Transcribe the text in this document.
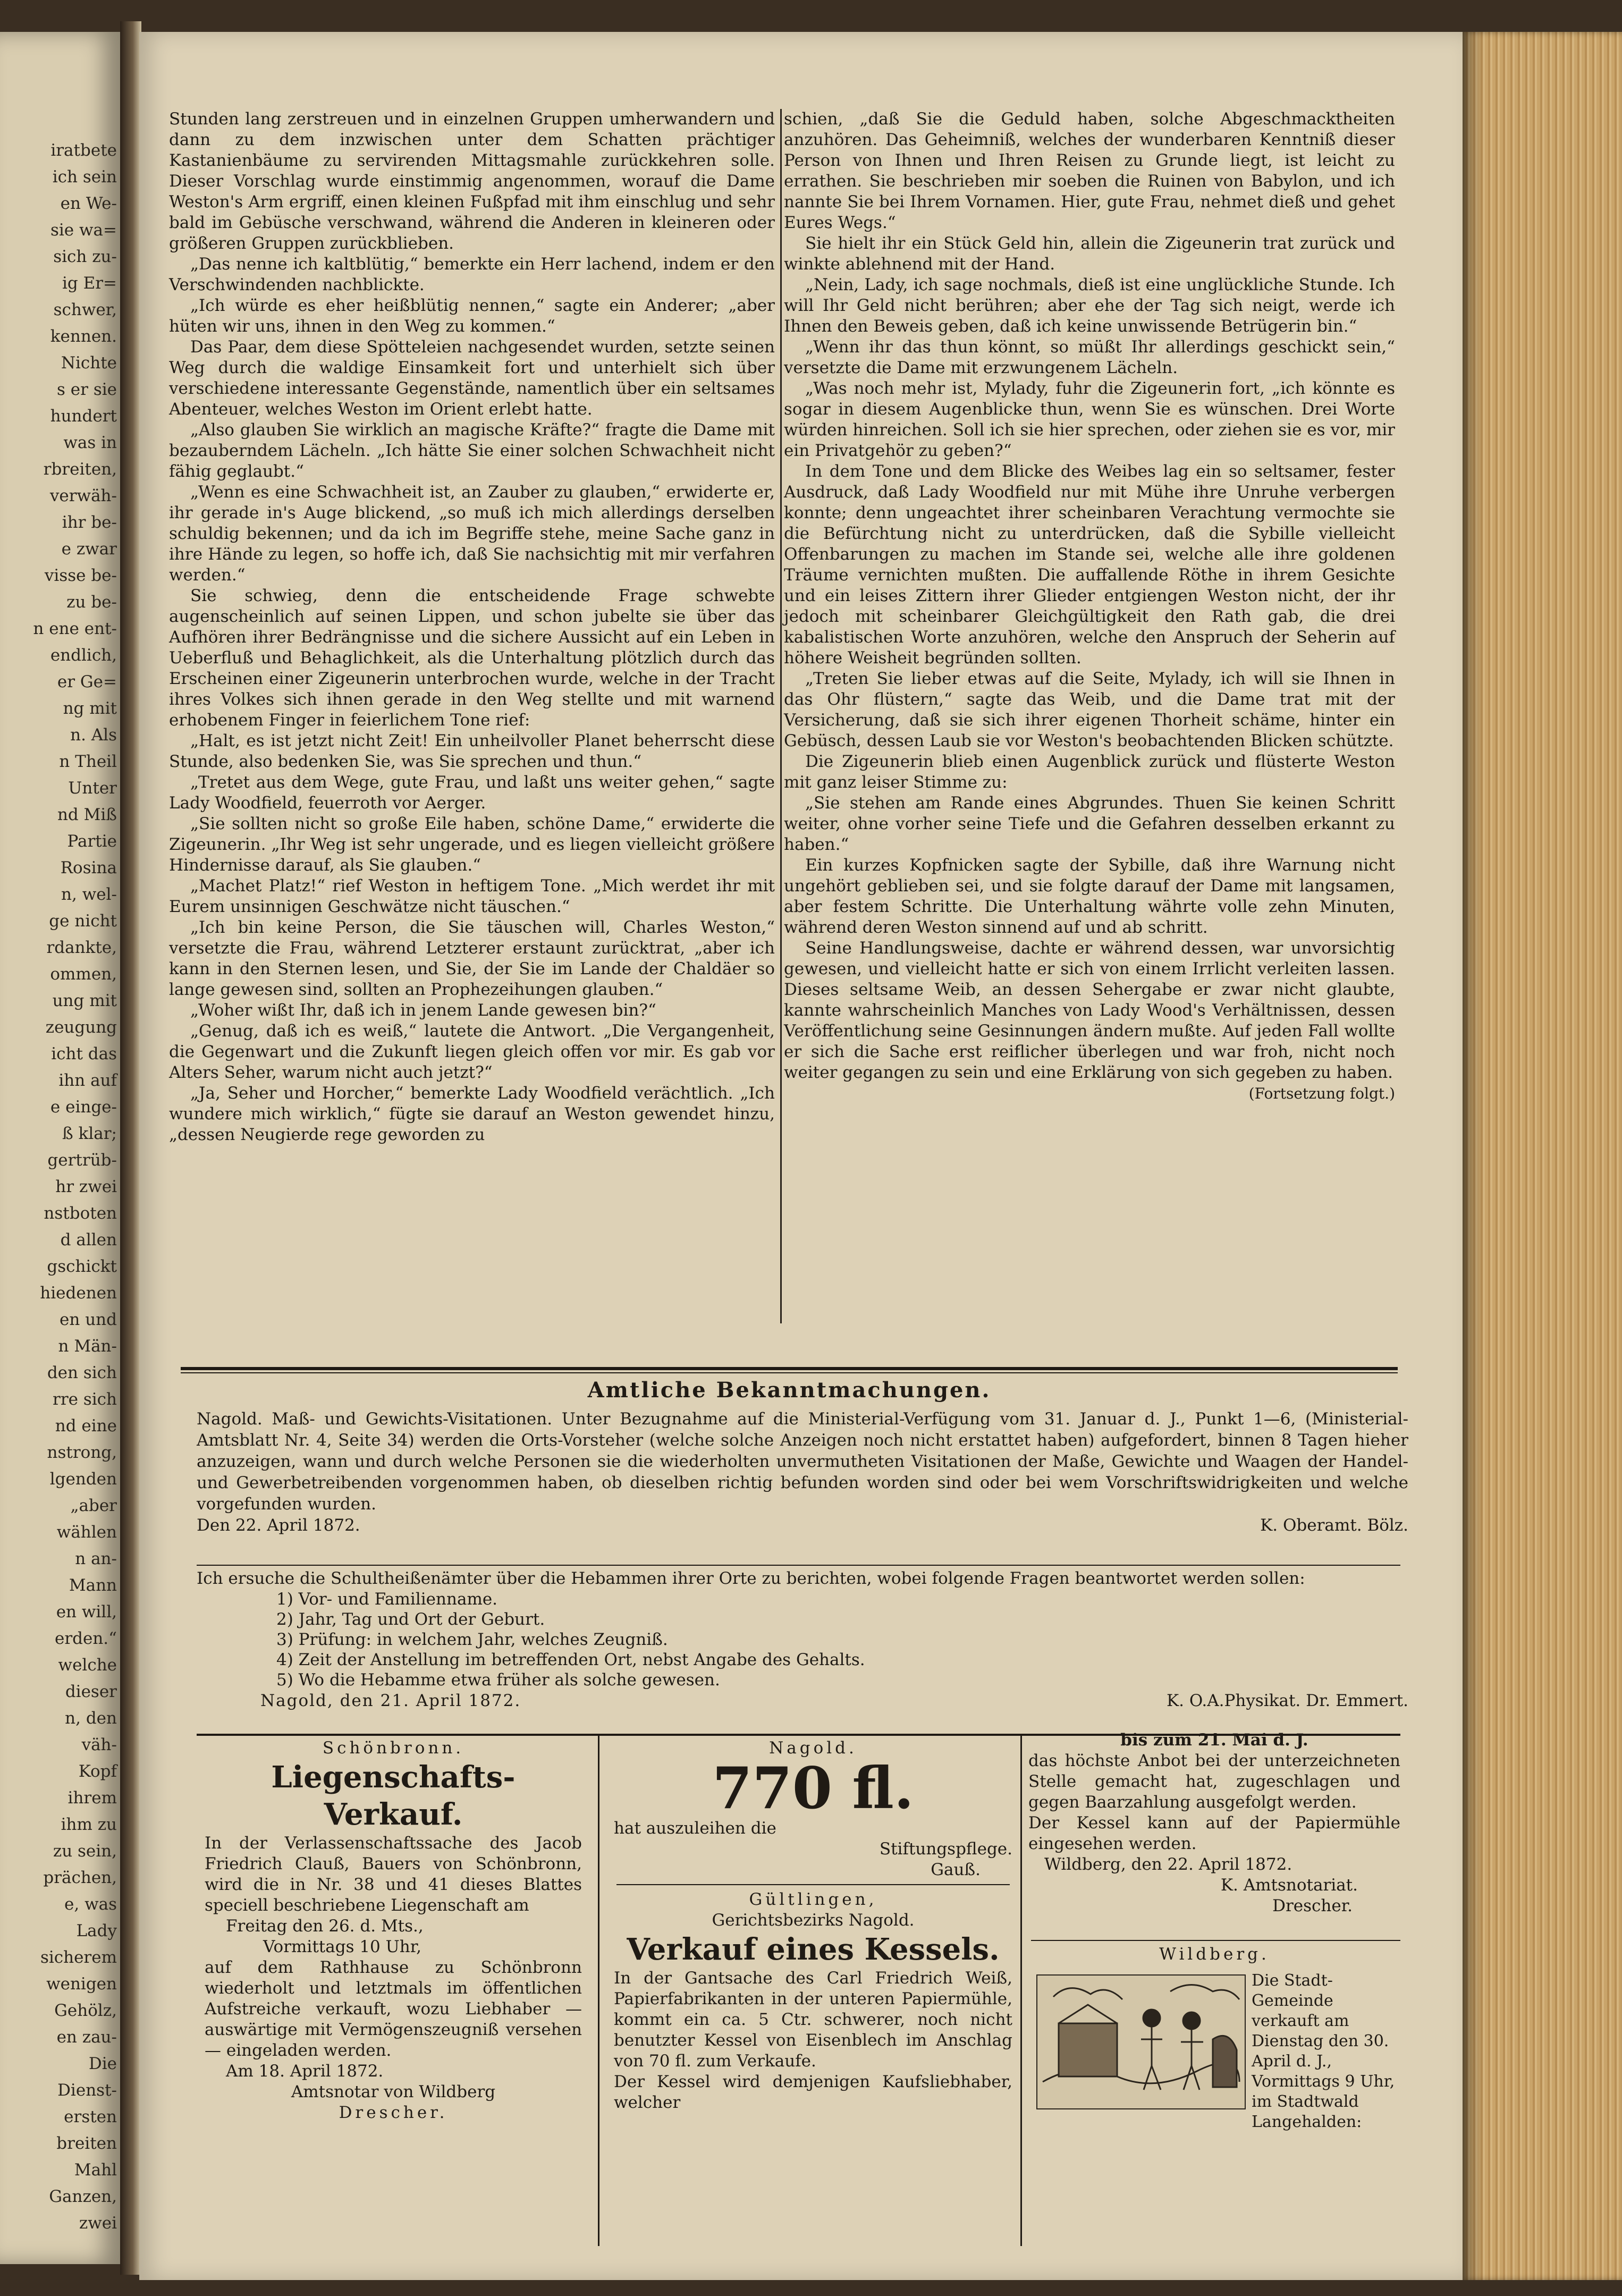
iratbete
ich sein
en We-
sie wa=
sich zu-
ig Er=
schwer,
kennen.
Nichte
s er sie
hundert
was in
rbreiten,
verwäh-
ihr be-
e zwar
visse be-
zu be-
n ene ent-
endlich,
er Ge=
ng mit
n. Als
n Theil
Unter
nd Miß
Partie
Rosina
n, wel-
ge nicht
rdankte,
ommen,
ung mit
zeugung
icht das
ihn auf
e einge-
ß klar;
gertrüb-
hr zwei
nstboten
d allen
gschickt
hiedenen
en und
n Män-
den sich
rre sich
nd eine
nstrong,
lgenden
„aber
wählen
n an-
Mann
en will,
erden.“
welche
dieser
n, den
väh-
Kopf
ihrem
ihm zu
zu sein,
prächen,
e, was
Lady
sicherem
wenigen
Gehölz,
en zau-
Die
Dienst-
ersten
breiten
Mahl
Ganzen,
zwei

Stunden lang zerstreuen und in einzelnen Gruppen umherwandern und dann zu dem inzwischen unter dem Schatten prächtiger Kastanienbäume zu servirenden Mittagsmahle zurückkehren solle. Dieser Vorschlag wurde einstimmig angenommen, worauf die Dame Weston's Arm ergriff, einen kleinen Fußpfad mit ihm einschlug und sehr bald im Gebüsche verschwand, während die Anderen in kleineren oder größeren Gruppen zurückblieben.

„Das nenne ich kaltblütig,“ bemerkte ein Herr lachend, indem er den Verschwindenden nachblickte.

„Ich würde es eher heißblütig nennen,“ sagte ein Anderer; „aber hüten wir uns, ihnen in den Weg zu kommen.“

Das Paar, dem diese Spötteleien nachgesendet wurden, setzte seinen Weg durch die waldige Einsamkeit fort und unterhielt sich über verschiedene interessante Gegenstände, namentlich über ein seltsames Abenteuer, welches Weston im Orient erlebt hatte.

„Also glauben Sie wirklich an magische Kräfte?“ fragte die Dame mit bezauberndem Lächeln. „Ich hätte Sie einer solchen Schwachheit nicht fähig geglaubt.“

„Wenn es eine Schwachheit ist, an Zauber zu glauben,“ erwiderte er, ihr gerade in's Auge blickend, „so muß ich mich allerdings derselben schuldig bekennen; und da ich im Begriffe stehe, meine Sache ganz in ihre Hände zu legen, so hoffe ich, daß Sie nachsichtig mit mir verfahren werden.“

Sie schwieg, denn die entscheidende Frage schwebte augenscheinlich auf seinen Lippen, und schon jubelte sie über das Aufhören ihrer Bedrängnisse und die sichere Aussicht auf ein Leben in Ueberfluß und Behaglichkeit, als die Unterhaltung plötzlich durch das Erscheinen einer Zigeunerin unterbrochen wurde, welche in der Tracht ihres Volkes sich ihnen gerade in den Weg stellte und mit warnend erhobenem Finger in feierlichem Tone rief:

„Halt, es ist jetzt nicht Zeit! Ein unheilvoller Planet beherrscht diese Stunde, also bedenken Sie, was Sie sprechen und thun.“

„Tretet aus dem Wege, gute Frau, und laßt uns weiter gehen,“ sagte Lady Woodfield, feuerroth vor Aerger.

„Sie sollten nicht so große Eile haben, schöne Dame,“ erwiderte die Zigeunerin. „Ihr Weg ist sehr ungerade, und es liegen vielleicht größere Hindernisse darauf, als Sie glauben.“

„Machet Platz!“ rief Weston in heftigem Tone. „Mich werdet ihr mit Eurem unsinnigen Geschwätze nicht täuschen.“

„Ich bin keine Person, die Sie täuschen will, Charles Weston,“ versetzte die Frau, während Letzterer erstaunt zurücktrat, „aber ich kann in den Sternen lesen, und Sie, der Sie im Lande der Chaldäer so lange gewesen sind, sollten an Prophezeihungen glauben.“

„Woher wißt Ihr, daß ich in jenem Lande gewesen bin?“

„Genug, daß ich es weiß,“ lautete die Antwort. „Die Vergangenheit, die Gegenwart und die Zukunft liegen gleich offen vor mir. Es gab vor Alters Seher, warum nicht auch jetzt?“

„Ja, Seher und Horcher,“ bemerkte Lady Woodfield verächtlich. „Ich wundere mich wirklich,“ fügte sie darauf an Weston gewendet hinzu, „dessen Neugierde rege geworden zu

schien, „daß Sie die Geduld haben, solche Abgeschmacktheiten anzuhören. Das Geheimniß, welches der wunderbaren Kenntniß dieser Person von Ihnen und Ihren Reisen zu Grunde liegt, ist leicht zu errathen. Sie beschrieben mir soeben die Ruinen von Babylon, und ich nannte Sie bei Ihrem Vornamen. Hier, gute Frau, nehmet dieß und gehet Eures Wegs.“

Sie hielt ihr ein Stück Geld hin, allein die Zigeunerin trat zurück und winkte ablehnend mit der Hand.

„Nein, Lady, ich sage nochmals, dieß ist eine unglückliche Stunde. Ich will Ihr Geld nicht berühren; aber ehe der Tag sich neigt, werde ich Ihnen den Beweis geben, daß ich keine unwissende Betrügerin bin.“

„Wenn ihr das thun könnt, so müßt Ihr allerdings geschickt sein,“ versetzte die Dame mit erzwungenem Lächeln.

„Was noch mehr ist, Mylady, fuhr die Zigeunerin fort, „ich könnte es sogar in diesem Augenblicke thun, wenn Sie es wünschen. Drei Worte würden hinreichen. Soll ich sie hier sprechen, oder ziehen sie es vor, mir ein Privatgehör zu geben?“

In dem Tone und dem Blicke des Weibes lag ein so seltsamer, fester Ausdruck, daß Lady Woodfield nur mit Mühe ihre Unruhe verbergen konnte; denn ungeachtet ihrer scheinbaren Verachtung vermochte sie die Befürchtung nicht zu unterdrücken, daß die Sybille vielleicht Offenbarungen zu machen im Stande sei, welche alle ihre goldenen Träume vernichten mußten. Die auffallende Röthe in ihrem Gesichte und ein leises Zittern ihrer Glieder entgiengen Weston nicht, der ihr jedoch mit scheinbarer Gleichgültigkeit den Rath gab, die drei kabalistischen Worte anzuhören, welche den Anspruch der Seherin auf höhere Weisheit begründen sollten.

„Treten Sie lieber etwas auf die Seite, Mylady, ich will sie Ihnen in das Ohr flüstern,“ sagte das Weib, und die Dame trat mit der Versicherung, daß sie sich ihrer eigenen Thorheit schäme, hinter ein Gebüsch, dessen Laub sie vor Weston's beobachtenden Blicken schützte.

Die Zigeunerin blieb einen Augenblick zurück und flüsterte Weston mit ganz leiser Stimme zu:

„Sie stehen am Rande eines Abgrundes. Thuen Sie keinen Schritt weiter, ohne vorher seine Tiefe und die Gefahren desselben erkannt zu haben.“

Ein kurzes Kopfnicken sagte der Sybille, daß ihre Warnung nicht ungehört geblieben sei, und sie folgte darauf der Dame mit langsamen, aber festem Schritte. Die Unterhaltung währte volle zehn Minuten, während deren Weston sinnend auf und ab schritt.

Seine Handlungsweise, dachte er während dessen, war unvorsichtig gewesen, und vielleicht hatte er sich von einem Irrlicht verleiten lassen. Dieses seltsame Weib, an dessen Sehergabe er zwar nicht glaubte, kannte wahrscheinlich Manches von Lady Wood's Verhältnissen, dessen Veröffentlichung seine Gesinnungen ändern mußte. Auf jeden Fall wollte er sich die Sache erst reiflicher überlegen und war froh, nicht noch weiter gegangen zu sein und eine Erklärung von sich gegeben zu haben.

(Fortsetzung folgt.)

Amtliche Bekanntmachungen.

Nagold. Maß- und Gewichts-Visitationen. Unter Bezugnahme auf die Ministerial-Verfügung vom 31. Januar d. J., Punkt 1—6, (Ministerial-Amtsblatt Nr. 4, Seite 34) werden die Orts-Vorsteher (welche solche Anzeigen noch nicht erstattet haben) aufgefordert, binnen 8 Tagen hieher anzuzeigen, wann und durch welche Personen sie die wiederholten unvermutheten Visitationen der Maße, Gewichte und Waagen der Handel- und Gewerbetreibenden vorgenommen haben, ob dieselben richtig befunden worden sind oder bei wem Vorschriftswidrigkeiten und welche vorgefunden wurden.

Den 22. April 1872.	K. Oberamt. Bölz.

Ich ersuche die Schultheißenämter über die Hebammen ihrer Orte zu berichten, wobei folgende Fragen beantwortet werden sollen:

1) Vor- und Familienname.
2) Jahr, Tag und Ort der Geburt.
3) Prüfung: in welchem Jahr, welches Zeugniß.
4) Zeit der Anstellung im betreffenden Ort, nebst Angabe des Gehalts.
5) Wo die Hebamme etwa früher als solche gewesen.
Nagold, den 21. April 1872.	K. O.A.Physikat. Dr. Emmert.

Schönbronn.

Liegenschafts-Verkauf.

In der Verlassenschaftssache des Jacob Friedrich Clauß, Bauers von Schönbronn, wird die in Nr. 38 und 41 dieses Blattes speciell beschriebene Liegenschaft am

Freitag den 26. d. Mts.,

Vormittags 10 Uhr,

auf dem Rathhause zu Schönbronn wiederholt und letztmals im öffentlichen Aufstreiche verkauft, wozu Liebhaber — auswärtige mit Vermögenszeugniß versehen — eingeladen werden.

Am 18. April 1872.

Amtsnotar von Wildberg

Drescher.

Nagold.

770 fl.

hat auszuleihen die

Stiftungspflege.

Gauß.

Gültlingen,

Gerichtsbezirks Nagold.

Verkauf eines Kessels.

In der Gantsache des Carl Friedrich Weiß, Papierfabrikanten in der unteren Papiermühle, kommt ein ca. 5 Ctr. schwerer, noch nicht benutzter Kessel von Eisenblech im Anschlag von 70 fl. zum Verkaufe.

Der Kessel wird demjenigen Kaufsliebhaber, welcher

bis zum 21. Mai d. J.

das höchste Anbot bei der unterzeichneten Stelle gemacht hat, zugeschlagen und gegen Baarzahlung ausgefolgt werden.

Der Kessel kann auf der Papiermühle eingesehen werden.

Wildberg, den 22. April 1872.

K. Amtsnotariat.

Drescher.

Wildberg.

Die Stadt-Gemeinde verkauft am Dienstag den 30. April d. J., Vormittags 9 Uhr, im Stadtwald Langehalden:
